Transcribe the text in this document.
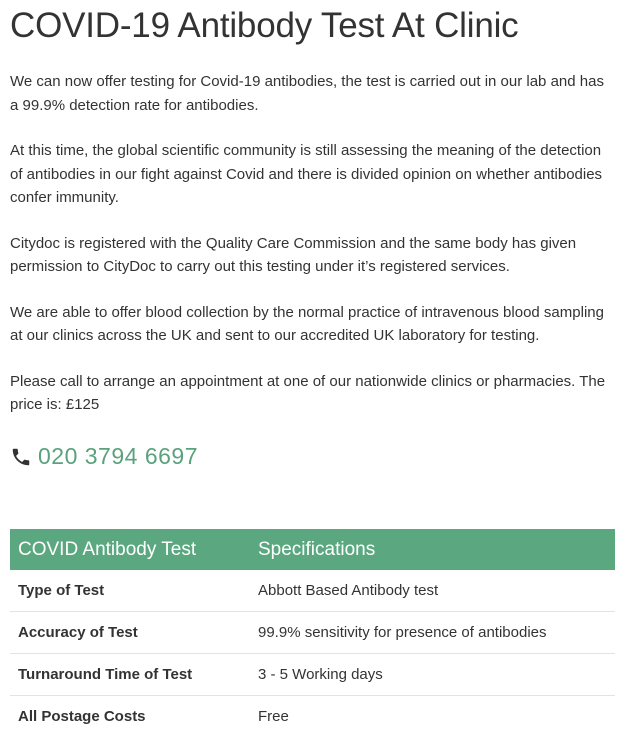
COVID-19 Antibody Test At Clinic

We can now offer testing for Covid-19 antibodies, the test is carried out in our lab and has a 99.9% detection rate for antibodies.

At this time, the global scientific community is still assessing the meaning of the detection of antibodies in our fight against Covid and there is divided opinion on whether antibodies confer immunity.

Citydoc is registered with the Quality Care Commission and the same body has given permission to CityDoc to carry out this testing under it’s registered services.

We are able to offer blood collection by the normal practice of intravenous blood sampling at our clinics across the UK and sent to our accredited UK laboratory for testing.

Please call to arrange an appointment at one of our nationwide clinics or pharmacies. The price is: £125

020 3794 6697
COVID Antibody Test	Specifications
Type of Test	Abbott Based Antibody test
Accuracy of Test	99.9% sensitivity for presence of antibodies
Turnaround Time of Test	3 - 5 Working days
All Postage Costs	Free
